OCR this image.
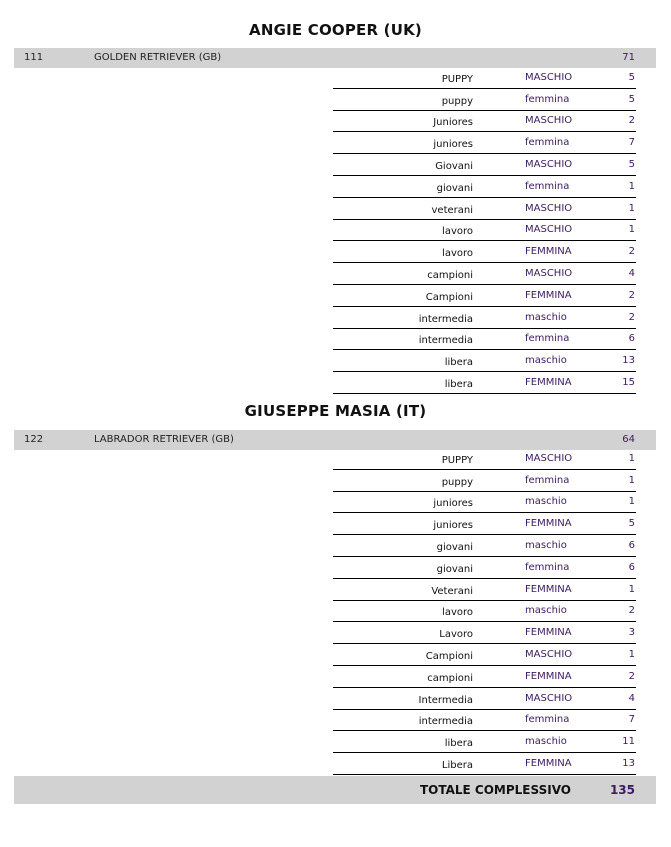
ANGIE COOPER (UK)
111	GOLDEN RETRIEVER (GB)	71
PUPPY	MASCHIO	5
puppy	femmina	5
Juniores	MASCHIO	2
juniores	femmina	7
Giovani	MASCHIO	5
giovani	femmina	1
veterani	MASCHIO	1
lavoro	MASCHIO	1
lavoro	FEMMINA	2
campioni	MASCHIO	4
Campioni	FEMMINA	2
intermedia	maschio	2
intermedia	femmina	6
libera	maschio	13
libera	FEMMINA	15
GIUSEPPE MASIA (IT)
122	LABRADOR RETRIEVER (GB)	64
PUPPY	MASCHIO	1
puppy	femmina	1
juniores	maschio	1
juniores	FEMMINA	5
giovani	maschio	6
giovani	femmina	6
Veterani	FEMMINA	1
lavoro	maschio	2
Lavoro	FEMMINA	3
Campioni	MASCHIO	1
campioni	FEMMINA	2
Intermedia	MASCHIO	4
intermedia	femmina	7
libera	maschio	11
Libera	FEMMINA	13
TOTALE COMPLESSIVO	135
